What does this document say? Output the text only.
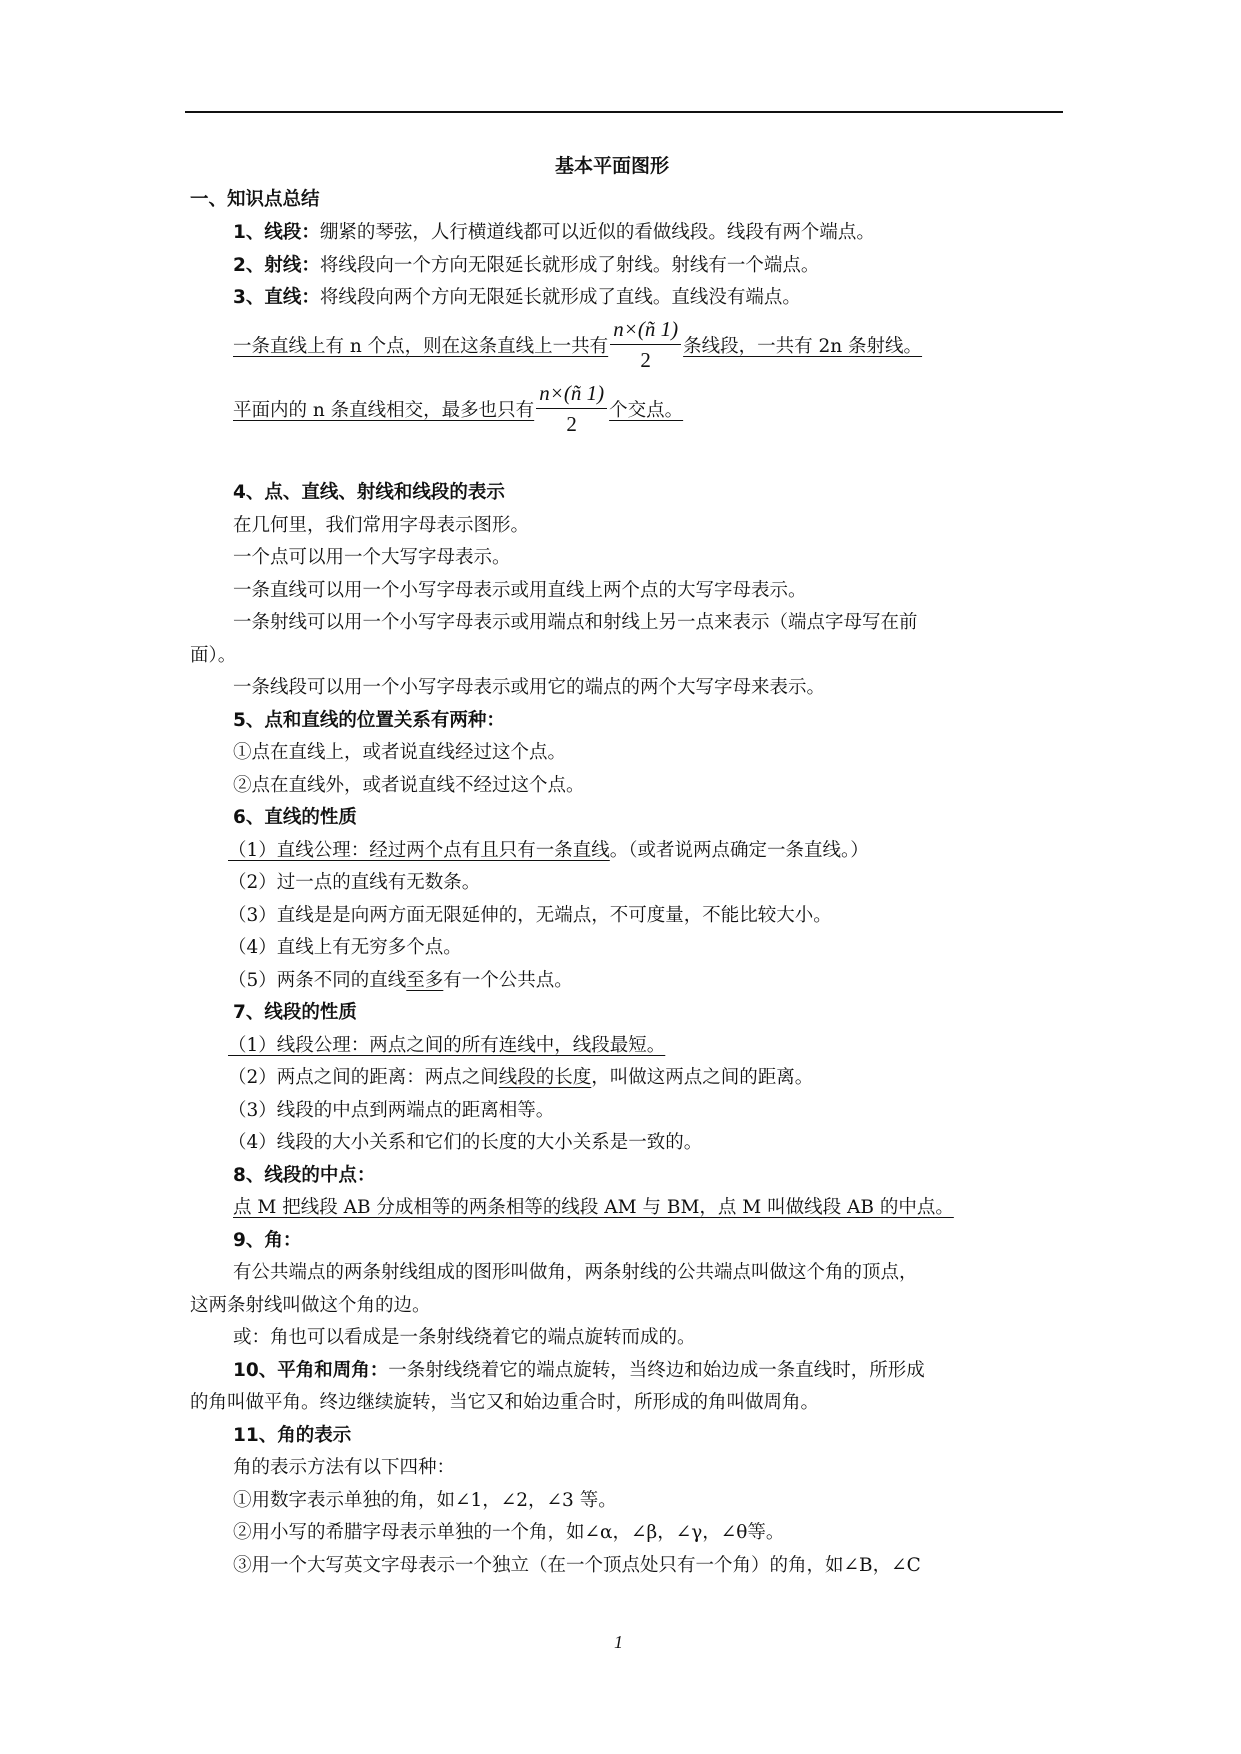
基本平面图形
一、知识点总结
1、线段：绷紧的琴弦，人行横道线都可以近似的看做线段。线段有两个端点。
2、射线：将线段向一个方向无限延长就形成了射线。射线有一个端点。
3、直线：将线段向两个方向无限延长就形成了直线。直线没有端点。
一条直线上有 n 个点，则在这条直线上一共有 $\frac{n\times(ñ 1)}{2}$ 条线段，一共有 2n 条射线。
平面内的 n 条直线相交，最多也只有 $\frac{n\times(ñ 1)}{2}$ 个交点。
4、点、直线、射线和线段的表示
在几何里，我们常用字母表示图形。
一个点可以用一个大写字母表示。
一条直线可以用一个小写字母表示或用直线上两个点的大写字母表示。
一条射线可以用一个小写字母表示或用端点和射线上另一点来表示（端点字母写在前
面）。
一条线段可以用一个小写字母表示或用它的端点的两个大写字母来表示。
5、点和直线的位置关系有两种：
①点在直线上，或者说直线经过这个点。
②点在直线外，或者说直线不经过这个点。
6、直线的性质
（1）直线公理：经过两个点有且只有一条直线。（或者说两点确定一条直线。）
（2）过一点的直线有无数条。
（3）直线是是向两方面无限延伸的，无端点，不可度量，不能比较大小。
（4）直线上有无穷多个点。
（5）两条不同的直线至多有一个公共点。
7、线段的性质
（1）线段公理：两点之间的所有连线中，线段最短。
（2）两点之间的距离：两点之间线段的长度，叫做这两点之间的距离。
（3）线段的中点到两端点的距离相等。
（4）线段的大小关系和它们的长度的大小关系是一致的。
8、线段的中点：
点 M 把线段 AB 分成相等的两条相等的线段 AM 与 BM，点 M 叫做线段 AB 的中点。
9、角：
有公共端点的两条射线组成的图形叫做角，两条射线的公共端点叫做这个角的顶点，
这两条射线叫做这个角的边。
或：角也可以看成是一条射线绕着它的端点旋转而成的。
10、平角和周角：一条射线绕着它的端点旋转，当终边和始边成一条直线时，所形成
的角叫做平角。终边继续旋转，当它又和始边重合时，所形成的角叫做周角。
11、角的表示
角的表示方法有以下四种：
①用数字表示单独的角，如∠1，∠2，∠3 等。
②用小写的希腊字母表示单独的一个角，如∠α，∠β，∠γ，∠θ等。
③用一个大写英文字母表示一个独立（在一个顶点处只有一个角）的角，如∠B，∠C
1
